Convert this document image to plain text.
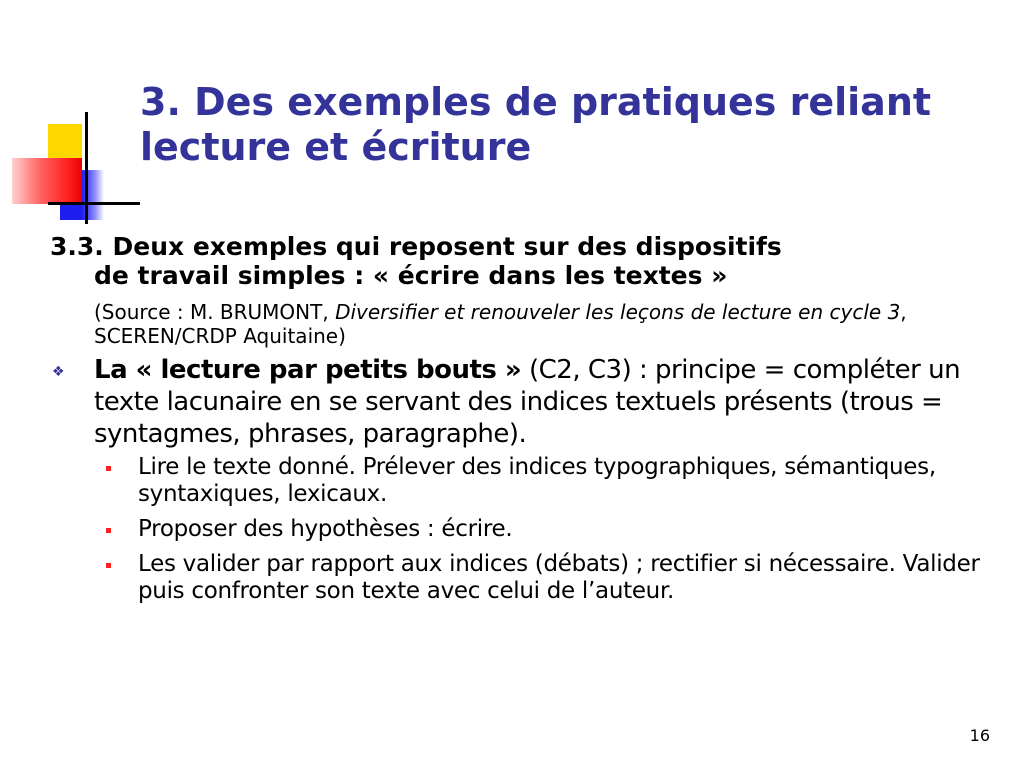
3. Des exemples de pratiques reliant
lecture et écriture
3.3. Deux exemples qui reposent sur des dispositifs
de travail simples : « écrire dans les textes »
(Source : M. BRUMONT, Diversifier et renouveler les leçons de lecture en cycle 3, SCEREN/CRDP Aquitaine)
❖ La « lecture par petits bouts » (C2, C3) : principe = compléter un texte lacunaire en se servant des indices textuels présents (trous = syntagmes, phrases, paragraphe).
Lire le texte donné. Prélever des indices typographiques, sémantiques, syntaxiques, lexicaux.
Proposer des hypothèses : écrire.
Les valider par rapport aux indices (débats) ; rectifier si nécessaire. Valider puis confronter son texte avec celui de l’auteur.
16
